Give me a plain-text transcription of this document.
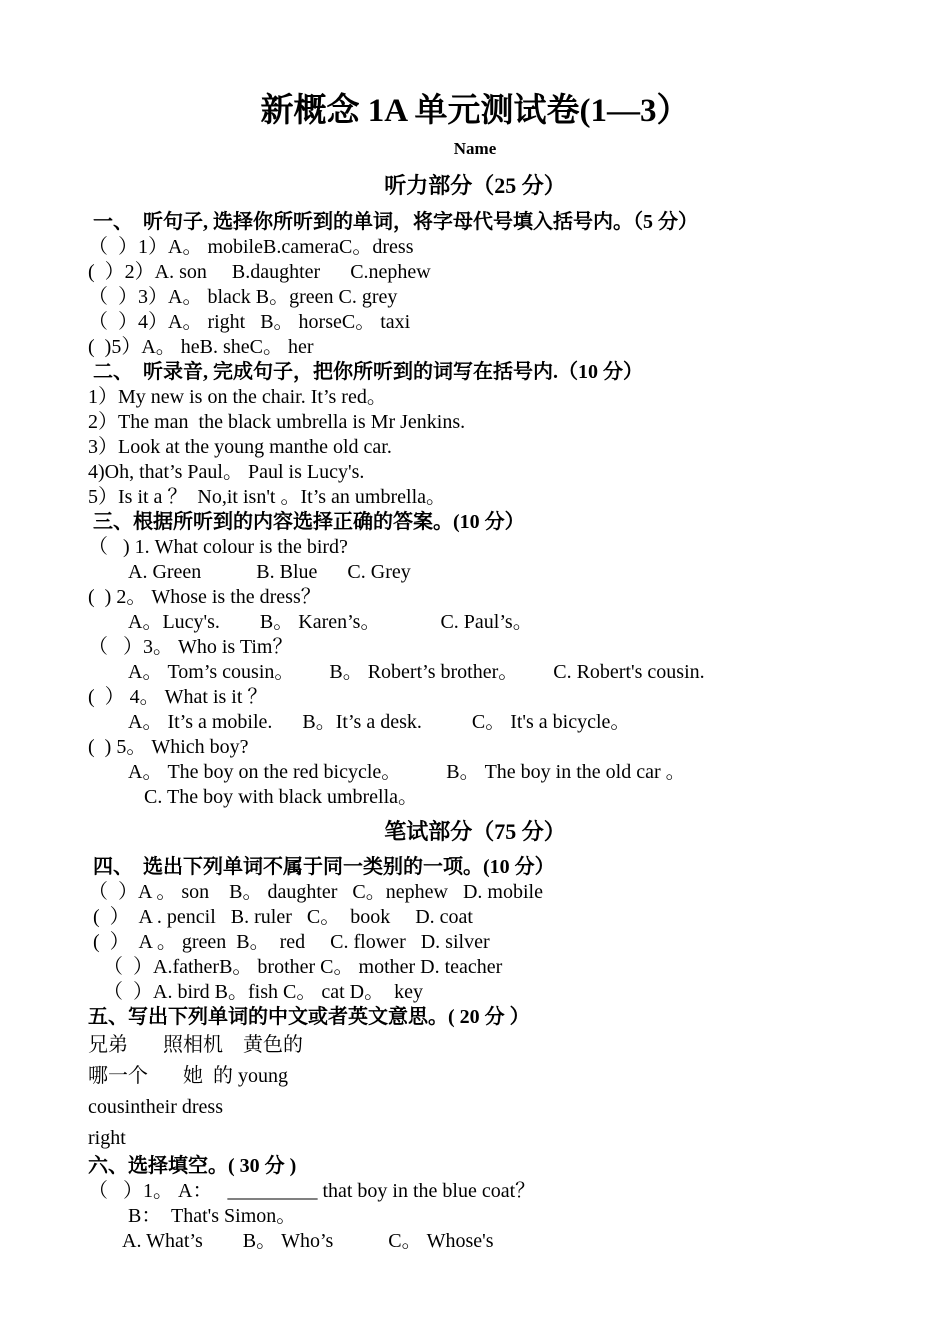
新概念 1A 单元测试卷(1—3）
Name
听力部分（25 分）
一、  听句子, 选择你所听到的单词，将字母代号填入括号内。（5 分）
（  ）1）A。 mobileB.cameraC。dress
(  ）2）A. son     B.daughter      C.nephew
（  ）3）A。 black B。green C. grey
（  ）4）A。 right   B。 horseC。 taxi
(  )5）A。 heB. sheC。 her
二、  听录音, 完成句子，把你所听到的词写在括号内.（10 分）
1）My new is on the chair. It’s red。
2）The man  the black umbrella is Mr Jenkins.
3）Look at the young manthe old car.
4)Oh, that’s Paul。 Paul is Lucy's.
5）Is it a ？  No,it isn't 。It’s an umbrella。
三、根据所听到的内容选择正确的答案。(10 分）
（   ) 1. What colour is the bird?
A. Green           B. Blue      C. Grey
(  ) 2。 Whose is the dress？
A。Lucy's.        B。 Karen’s。            C. Paul’s。
（   ）3。 Who is Tim？
A。 Tom’s cousin。       B。 Robert’s brother。       C. Robert's cousin.
(  ） 4。 What is it ？
A。 It’s a mobile.      B。It’s a desk.          C。 It's a bicycle。
(  ) 5。 Which boy?
A。 The boy on the red bicycle。         B。 The boy in the old car 。
C. The boy with black umbrella。
笔试部分（75 分）
四、  选出下列单词不属于同一类别的一项。(10 分）
（  ）A 。 son    B。 daughter   C。nephew   D. mobile
(  ）  A . pencil   B. ruler   C。  book     D. coat
(  ）  A 。 green  B。  red     C. flower   D. silver
（  ）A.fatherB。 brother C。 mother D. teacher
（  ）A. bird B。fish C。 cat D。  key
五、写出下列单词的中文或者英文意思。( 20 分 ）
兄弟       照相机    黄色的
哪一个       她  的 young
cousintheir dress
right
六、选择填空。( 30 分 )
（   ）1。 A：   _________ that boy in the blue coat？
B：  That's Simon。
A. What’s        B。 Who’s           C。 Whose's
